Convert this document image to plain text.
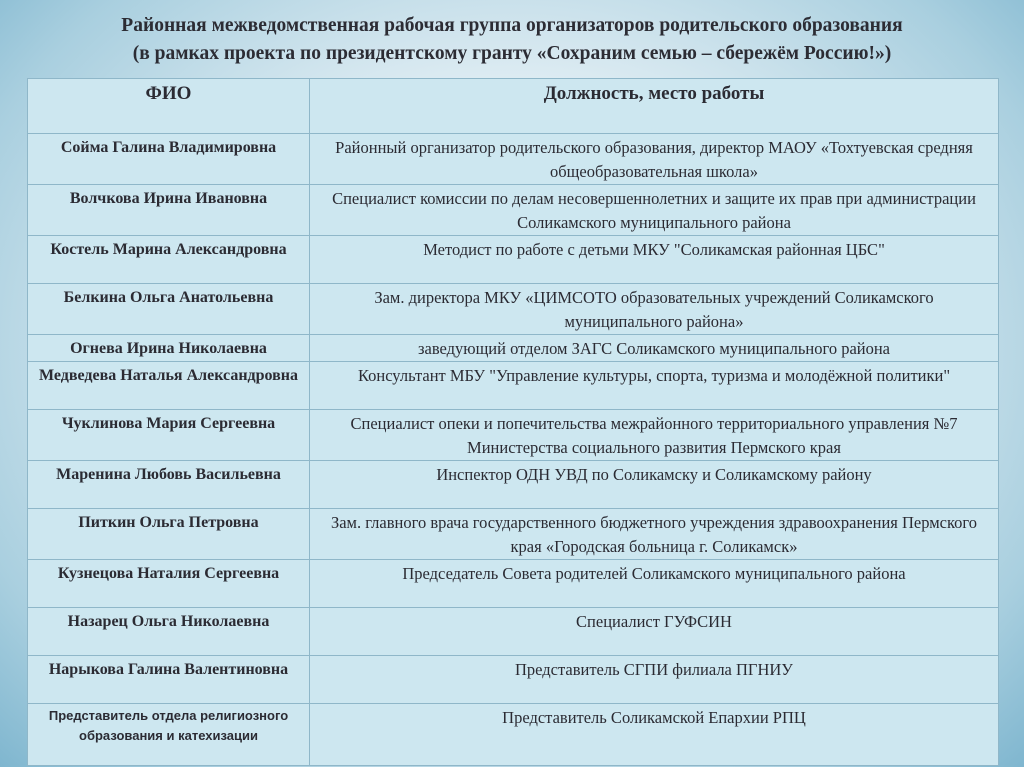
Районная межведомственная рабочая группа организаторов родительского образования
(в рамках проекта по президентскому гранту «Сохраним семью – сбережём Россию!»)
ФИО	Должность, место работы
Сойма Галина Владимировна	Районный организатор родительского образования, директор МАОУ «Тохтуевская средняя общеобразовательная школа»
Волчкова Ирина Ивановна	Специалист комиссии по делам несовершеннолетних и защите их прав при администрации Соликамского муниципального района
Костель Марина Александровна	Методист по работе с детьми МКУ "Соликамская районная ЦБС"
Белкина Ольга Анатольевна	Зам. директора МКУ «ЦИМСОТО образовательных учреждений Соликамского муниципального района»
Огнева Ирина Николаевна	заведующий отделом ЗАГС Соликамского муниципального района
Медведева Наталья Александровна	Консультант МБУ "Управление культуры, спорта, туризма и молодёжной политики"
Чуклинова Мария Сергеевна	Специалист опеки и попечительства межрайонного территориального управления №7 Министерства социального развития Пермского края
Маренина Любовь Васильевна	Инспектор ОДН УВД по Соликамску и Соликамскому району
Питкин Ольга Петровна	Зам. главного врача государственного бюджетного учреждения здравоохранения Пермского края «Городская больница г. Соликамск»
Кузнецова Наталия Сергеевна	Председатель Совета родителей Соликамского муниципального района
Назарец Ольга Николаевна	Специалист ГУФСИН
Нарыкова Галина Валентиновна	Представитель СГПИ филиала ПГНИУ
Представитель отдела религиозного образования и катехизации	Представитель Соликамской Епархии РПЦ
